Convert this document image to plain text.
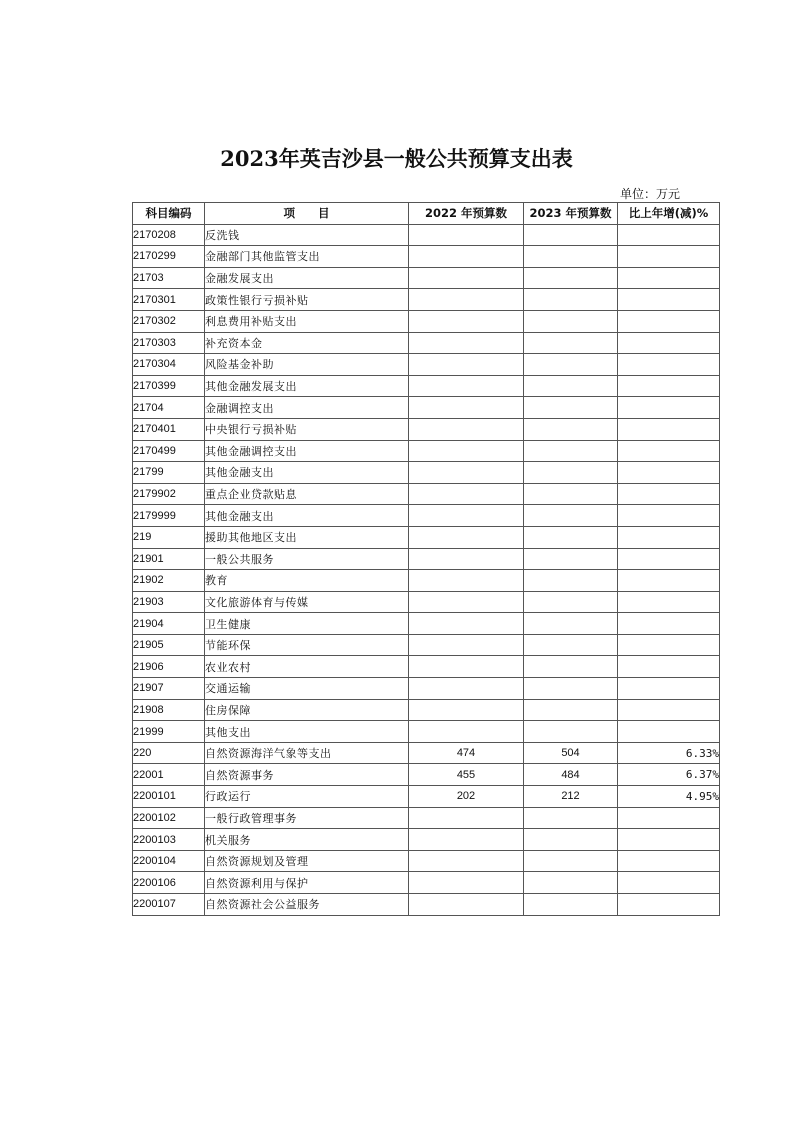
2023年英吉沙县一般公共预算支出表
单位：万元
科目编码	项　　目	2022 年预算数	2023 年预算数	比上年增(减)%
2170208	反洗钱			
2170299	金融部门其他监管支出			
21703	金融发展支出			
2170301	政策性银行亏损补贴			
2170302	利息费用补贴支出			
2170303	补充资本金			
2170304	风险基金补助			
2170399	其他金融发展支出			
21704	金融调控支出			
2170401	中央银行亏损补贴			
2170499	其他金融调控支出			
21799	其他金融支出			
2179902	重点企业贷款贴息			
2179999	其他金融支出			
219	援助其他地区支出			
21901	一般公共服务			
21902	教育			
21903	文化旅游体育与传媒			
21904	卫生健康			
21905	节能环保			
21906	农业农村			
21907	交通运输			
21908	住房保障			
21999	其他支出			
220	自然资源海洋气象等支出	474	504	6.33%
22001	自然资源事务	455	484	6.37%
2200101	行政运行	202	212	4.95%
2200102	一般行政管理事务			
2200103	机关服务			
2200104	自然资源规划及管理			
2200106	自然资源利用与保护			
2200107	自然资源社会公益服务			
